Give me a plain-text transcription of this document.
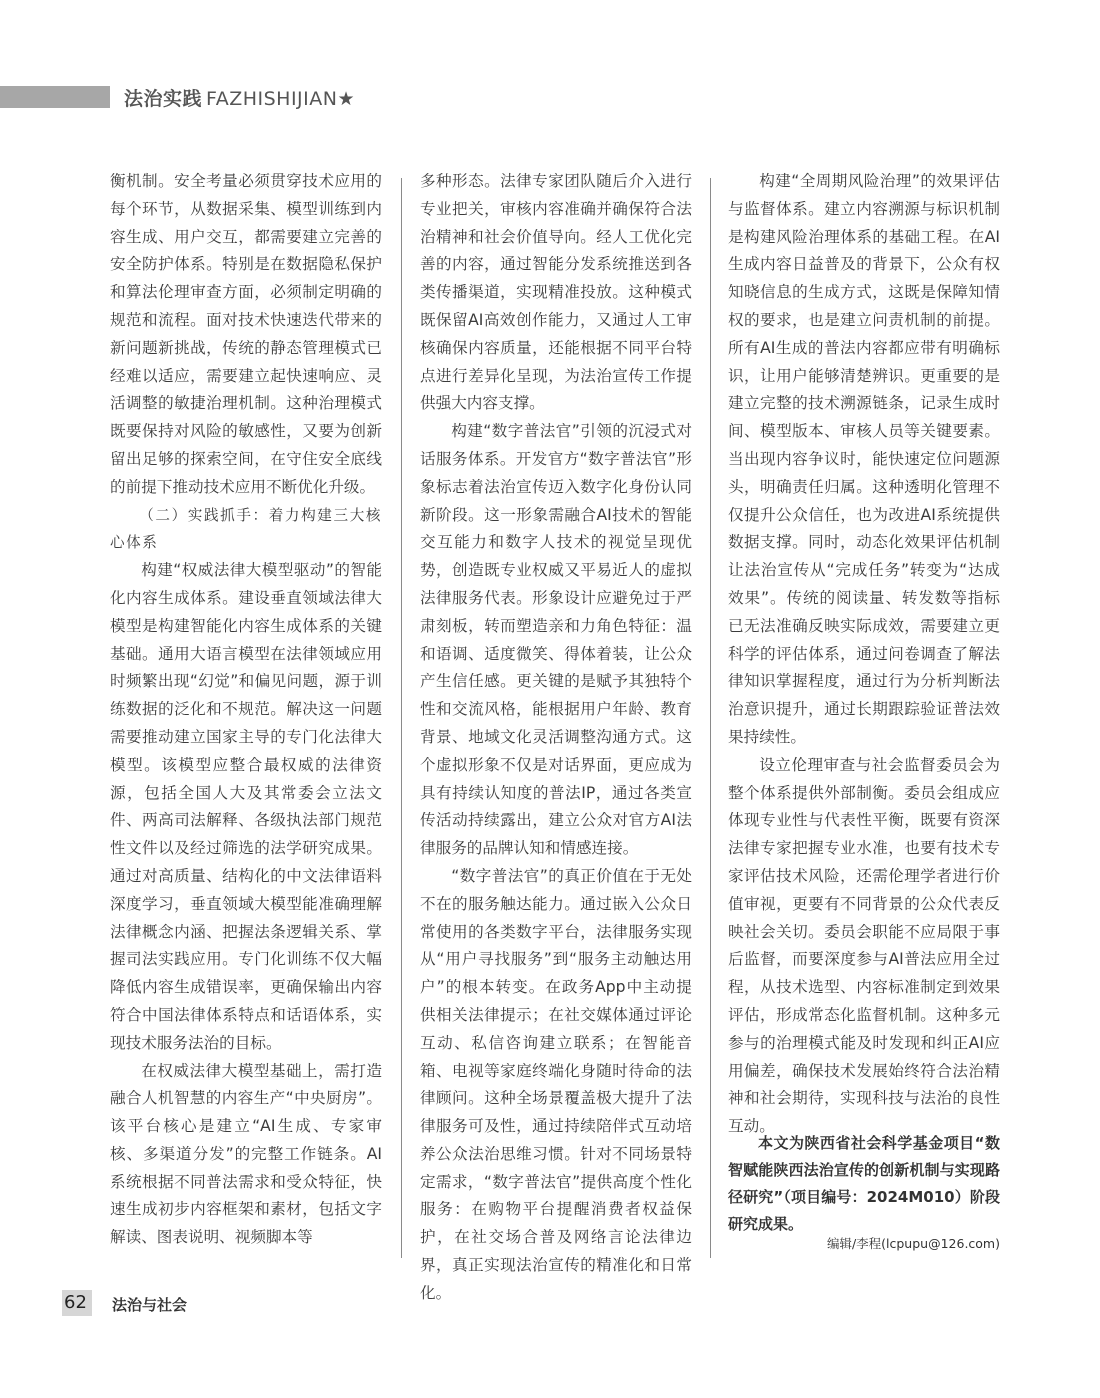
法治实践 FAZHISHIJIAN★

衡机制。安全考量必须贯穿技术应用的每个环节，从数据采集、模型训练到内容生成、用户交互，都需要建立完善的安全防护体系。特别是在数据隐私保护和算法伦理审查方面，必须制定明确的规范和流程。面对技术快速迭代带来的新问题新挑战，传统的静态管理模式已经难以适应，需要建立起快速响应、灵活调整的敏捷治理机制。这种治理模式既要保持对风险的敏感性，又要为创新留出足够的探索空间，在守住安全底线的前提下推动技术应用不断优化升级。

（二）实践抓手：着力构建三大核心体系

构建“权威法律大模型驱动”的智能化内容生成体系。建设垂直领域法律大模型是构建智能化内容生成体系的关键基础。通用大语言模型在法律领域应用时频繁出现“幻觉”和偏见问题，源于训练数据的泛化和不规范。解决这一问题需要推动建立国家主导的专门化法律大模型。该模型应整合最权威的法律资源，包括全国人大及其常委会立法文件、两高司法解释、各级执法部门规范性文件以及经过筛选的法学研究成果。通过对高质量、结构化的中文法律语料深度学习，垂直领域大模型能准确理解法律概念内涵、把握法条逻辑关系、掌握司法实践应用。专门化训练不仅大幅降低内容生成错误率，更确保输出内容符合中国法律体系特点和话语体系，实现技术服务法治的目标。

在权威法律大模型基础上，需打造融合人机智慧的内容生产“中央厨房”。该平台核心是建立“AI生成、专家审核、多渠道分发”的完整工作链条。AI系统根据不同普法需求和受众特征，快速生成初步内容框架和素材，包括文字解读、图表说明、视频脚本等

多种形态。法律专家团队随后介入进行专业把关，审核内容准确并确保符合法治精神和社会价值导向。经人工优化完善的内容，通过智能分发系统推送到各类传播渠道，实现精准投放。这种模式既保留AI高效创作能力，又通过人工审核确保内容质量，还能根据不同平台特点进行差异化呈现，为法治宣传工作提供强大内容支撑。

构建“数字普法官”引领的沉浸式对话服务体系。开发官方“数字普法官”形象标志着法治宣传迈入数字化身份认同新阶段。这一形象需融合AI技术的智能交互能力和数字人技术的视觉呈现优势，创造既专业权威又平易近人的虚拟法律服务代表。形象设计应避免过于严肃刻板，转而塑造亲和力角色特征：温和语调、适度微笑、得体着装，让公众产生信任感。更关键的是赋予其独特个性和交流风格，能根据用户年龄、教育背景、地域文化灵活调整沟通方式。这个虚拟形象不仅是对话界面，更应成为具有持续认知度的普法IP，通过各类宣传活动持续露出，建立公众对官方AI法律服务的品牌认知和情感连接。

“数字普法官”的真正价值在于无处不在的服务触达能力。通过嵌入公众日常使用的各类数字平台，法律服务实现从“用户寻找服务”到“服务主动触达用户”的根本转变。在政务App中主动提供相关法律提示；在社交媒体通过评论互动、私信咨询建立联系；在智能音箱、电视等家庭终端化身随时待命的法律顾问。这种全场景覆盖极大提升了法律服务可及性，通过持续陪伴式互动培养公众法治思维习惯。针对不同场景特定需求，“数字普法官”提供高度个性化服务：在购物平台提醒消费者权益保护，在社交场合普及网络言论法律边界，真正实现法治宣传的精准化和日常化。

构建“全周期风险治理”的效果评估与监督体系。建立内容溯源与标识机制是构建风险治理体系的基础工程。在AI生成内容日益普及的背景下，公众有权知晓信息的生成方式，这既是保障知情权的要求，也是建立问责机制的前提。所有AI生成的普法内容都应带有明确标识，让用户能够清楚辨识。更重要的是建立完整的技术溯源链条，记录生成时间、模型版本、审核人员等关键要素。当出现内容争议时，能快速定位问题源头，明确责任归属。这种透明化管理不仅提升公众信任，也为改进AI系统提供数据支撑。同时，动态化效果评估机制让法治宣传从“完成任务”转变为“达成效果”。传统的阅读量、转发数等指标已无法准确反映实际成效，需要建立更科学的评估体系，通过问卷调查了解法律知识掌握程度，通过行为分析判断法治意识提升，通过长期跟踪验证普法效果持续性。

设立伦理审查与社会监督委员会为整个体系提供外部制衡。委员会组成应体现专业性与代表性平衡，既要有资深法律专家把握专业水准，也要有技术专家评估技术风险，还需伦理学者进行价值审视，更要有不同背景的公众代表反映社会关切。委员会职能不应局限于事后监督，而要深度参与AI普法应用全过程，从技术选型、内容标准制定到效果评估，形成常态化监督机制。这种多元参与的治理模式能及时发现和纠正AI应用偏差，确保技术发展始终符合法治精神和社会期待，实现科技与法治的良性互动。

本文为陕西省社会科学基金项目“数智赋能陕西法治宣传的创新机制与实现路径研究”（项目编号：2024M010）阶段研究成果。
编辑/李程(lcpupu@126.com)
62 法治与社会
